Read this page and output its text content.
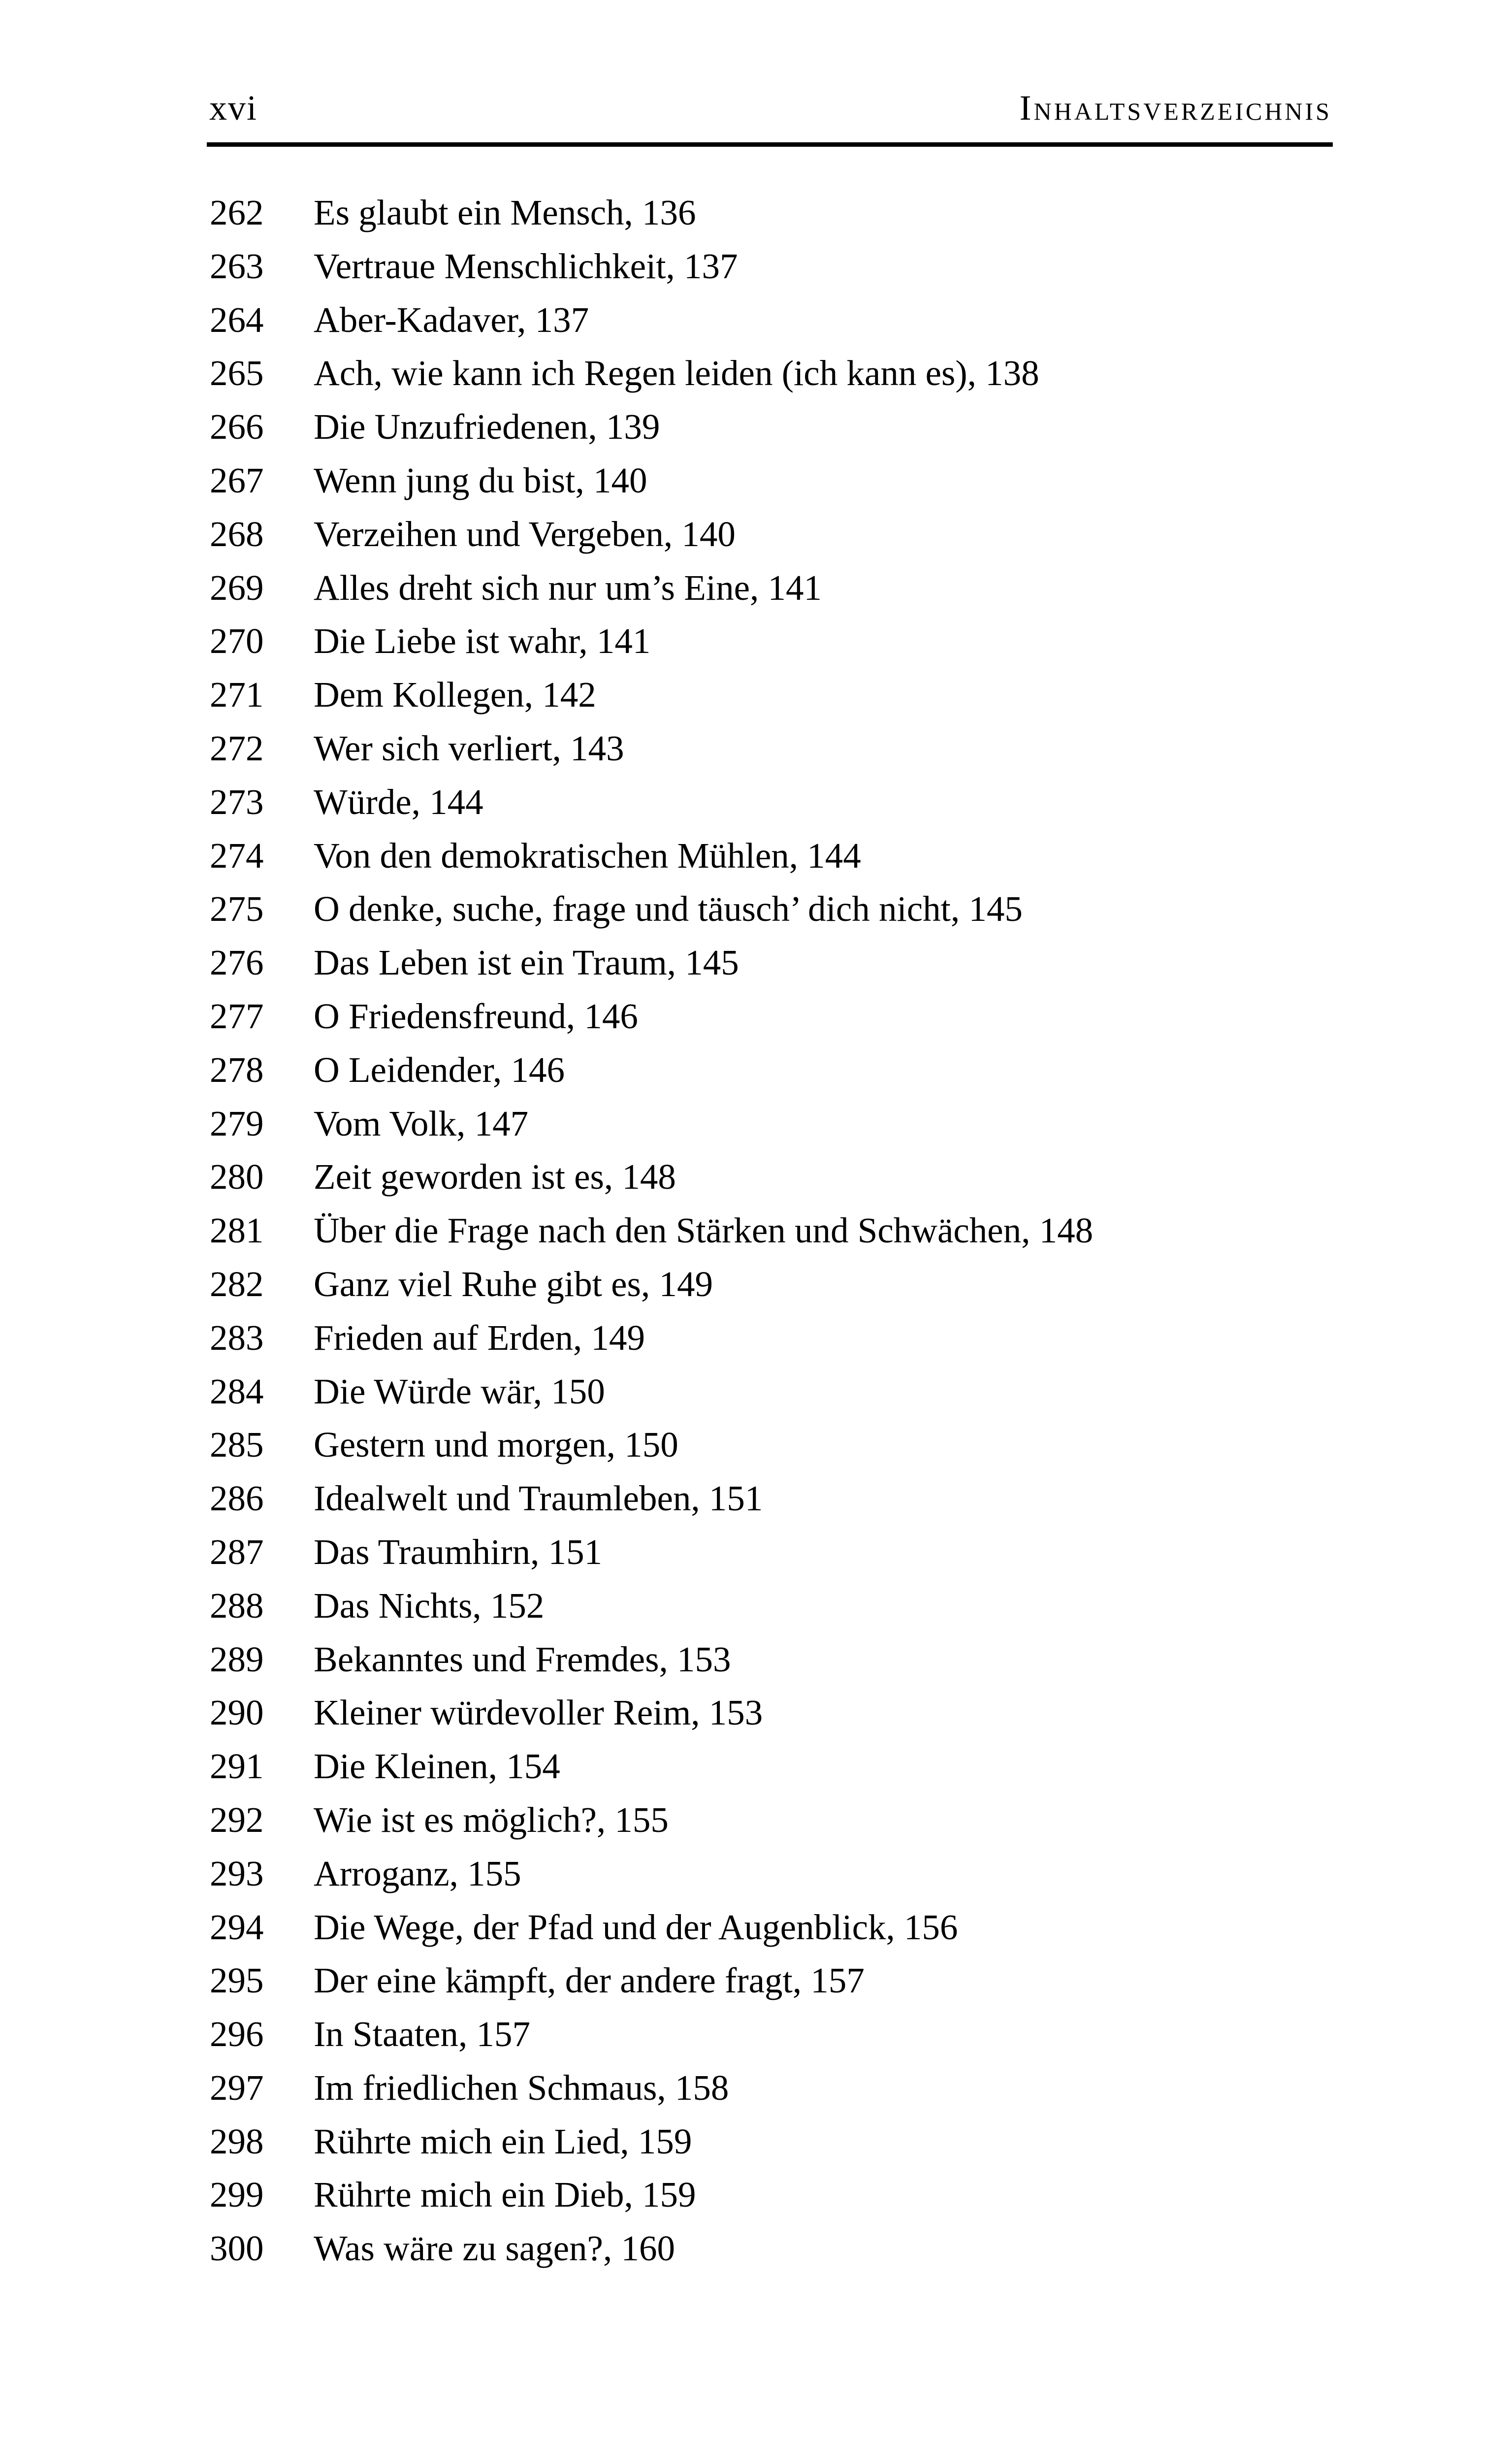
xvi	Inhaltsverzeichnis
262	Es glaubt ein Mensch, 136
263	Vertraue Menschlichkeit, 137
264	Aber-Kadaver, 137
265	Ach, wie kann ich Regen leiden (ich kann es), 138
266	Die Unzufriedenen, 139
267	Wenn jung du bist, 140
268	Verzeihen und Vergeben, 140
269	Alles dreht sich nur um’s Eine, 141
270	Die Liebe ist wahr, 141
271	Dem Kollegen, 142
272	Wer sich verliert, 143
273	Würde, 144
274	Von den demokratischen Mühlen, 144
275	O denke, suche, frage und täusch’ dich nicht, 145
276	Das Leben ist ein Traum, 145
277	O Friedensfreund, 146
278	O Leidender, 146
279	Vom Volk, 147
280	Zeit geworden ist es, 148
281	Über die Frage nach den Stärken und Schwächen, 148
282	Ganz viel Ruhe gibt es, 149
283	Frieden auf Erden, 149
284	Die Würde wär, 150
285	Gestern und morgen, 150
286	Idealwelt und Traumleben, 151
287	Das Traumhirn, 151
288	Das Nichts, 152
289	Bekanntes und Fremdes, 153
290	Kleiner würdevoller Reim, 153
291	Die Kleinen, 154
292	Wie ist es möglich?, 155
293	Arroganz, 155
294	Die Wege, der Pfad und der Augenblick, 156
295	Der eine kämpft, der andere fragt, 157
296	In Staaten, 157
297	Im friedlichen Schmaus, 158
298	Rührte mich ein Lied, 159
299	Rührte mich ein Dieb, 159
300	Was wäre zu sagen?, 160
